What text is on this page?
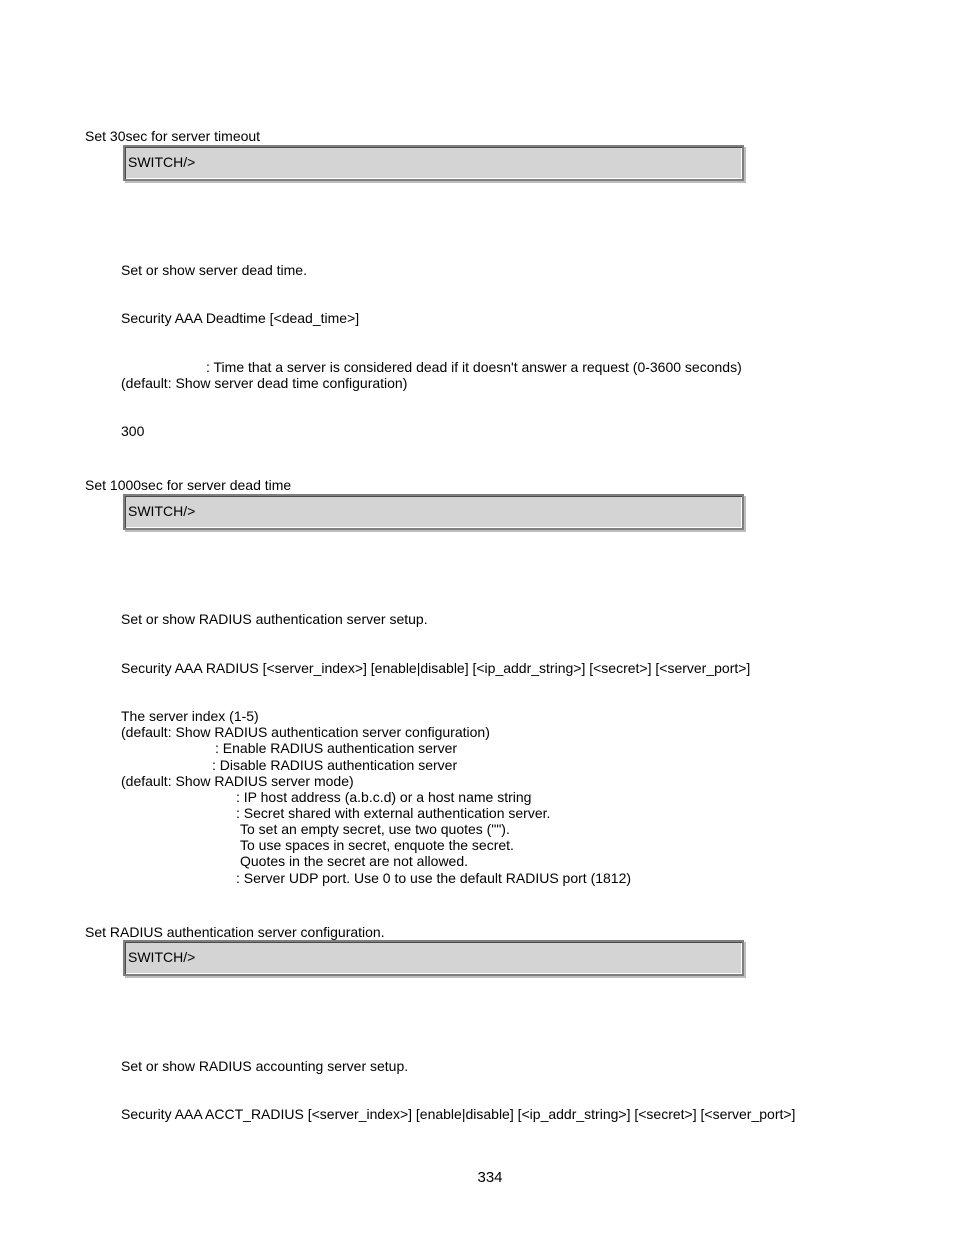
Set 30sec for server timeout

SWITCH/>

Set or show server dead time.

Security AAA Deadtime [<dead_time>]

: Time that a server is considered dead if it doesn't answer a request (0-3600 seconds)

(default: Show server dead time configuration)

300

Set 1000sec for server dead time

SWITCH/>

Set or show RADIUS authentication server setup.

Security AAA RADIUS [<server_index>] [enable|disable] [<ip_addr_string>] [<secret>] [<server_port>]

The server index (1-5)

(default: Show RADIUS authentication server configuration)

: Enable RADIUS authentication server

: Disable RADIUS authentication server

(default: Show RADIUS server mode)

: IP host address (a.b.c.d) or a host name string

: Secret shared with external authentication server.

To set an empty secret, use two quotes ("").

To use spaces in secret, enquote the secret.

Quotes in the secret are not allowed.

: Server UDP port. Use 0 to use the default RADIUS port (1812)

Set RADIUS authentication server configuration.

SWITCH/>

Set or show RADIUS accounting server setup.

Security AAA ACCT_RADIUS [<server_index>] [enable|disable] [<ip_addr_string>] [<secret>] [<server_port>]

334
